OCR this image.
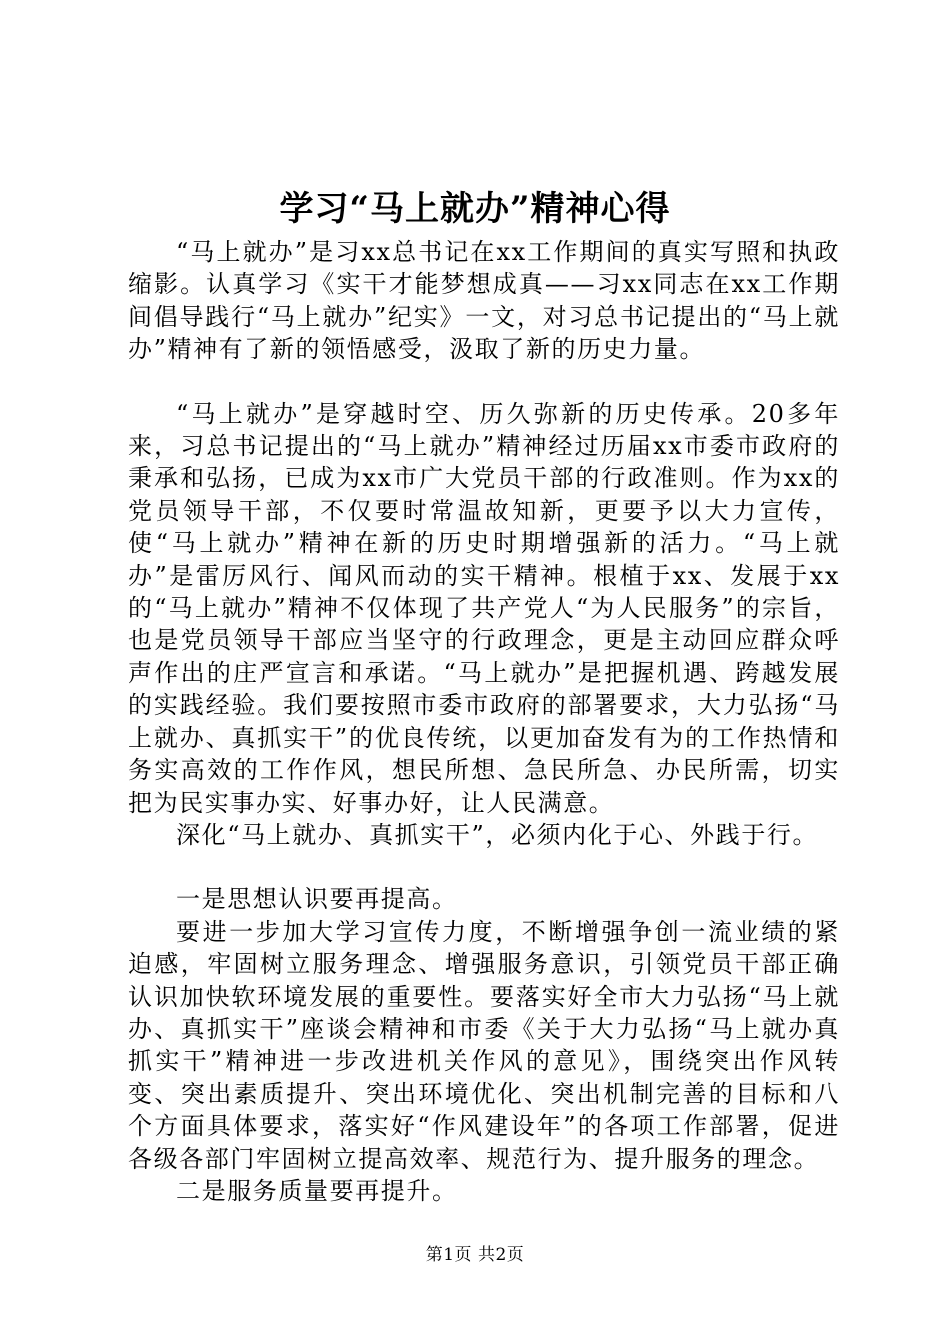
学习“马上就办”精神心得

“马上就办”是习xx总书记在xx工作期间的真实写照和执政缩影。认真学习《实干才能梦想成真——习xx同志在xx工作期间倡导践行“马上就办”纪实》一文，对习总书记提出的“马上就办”精神有了新的领悟感受，汲取了新的历史力量。

“马上就办”是穿越时空、历久弥新的历史传承。20多年来，习总书记提出的“马上就办”精神经过历届xx市委市政府的秉承和弘扬，已成为xx市广大党员干部的行政准则。作为xx的党员领导干部，不仅要时常温故知新，更要予以大力宣传，使“马上就办”精神在新的历史时期增强新的活力。“马上就办”是雷厉风行、闻风而动的实干精神。根植于xx、发展于xx的“马上就办”精神不仅体现了共产党人“为人民服务”的宗旨，也是党员领导干部应当坚守的行政理念，更是主动回应群众呼声作出的庄严宣言和承诺。“马上就办”是把握机遇、跨越发展的实践经验。我们要按照市委市政府的部署要求，大力弘扬“马上就办、真抓实干”的优良传统，以更加奋发有为的工作热情和务实高效的工作作风，想民所想、急民所急、办民所需，切实把为民实事办实、好事办好，让人民满意。

深化“马上就办、真抓实干”，必须内化于心、外践于行。

一是思想认识要再提高。

要进一步加大学习宣传力度，不断增强争创一流业绩的紧迫感，牢固树立服务理念、增强服务意识，引领党员干部正确认识加快软环境发展的重要性。要落实好全市大力弘扬“马上就办、真抓实干”座谈会精神和市委《关于大力弘扬“马上就办真抓实干”精神进一步改进机关作风的意见》，围绕突出作风转变、突出素质提升、突出环境优化、突出机制完善的目标和八个方面具体要求，落实好“作风建设年”的各项工作部署，促进各级各部门牢固树立提高效率、规范行为、提升服务的理念。

二是服务质量要再提升。

第1页 共2页
